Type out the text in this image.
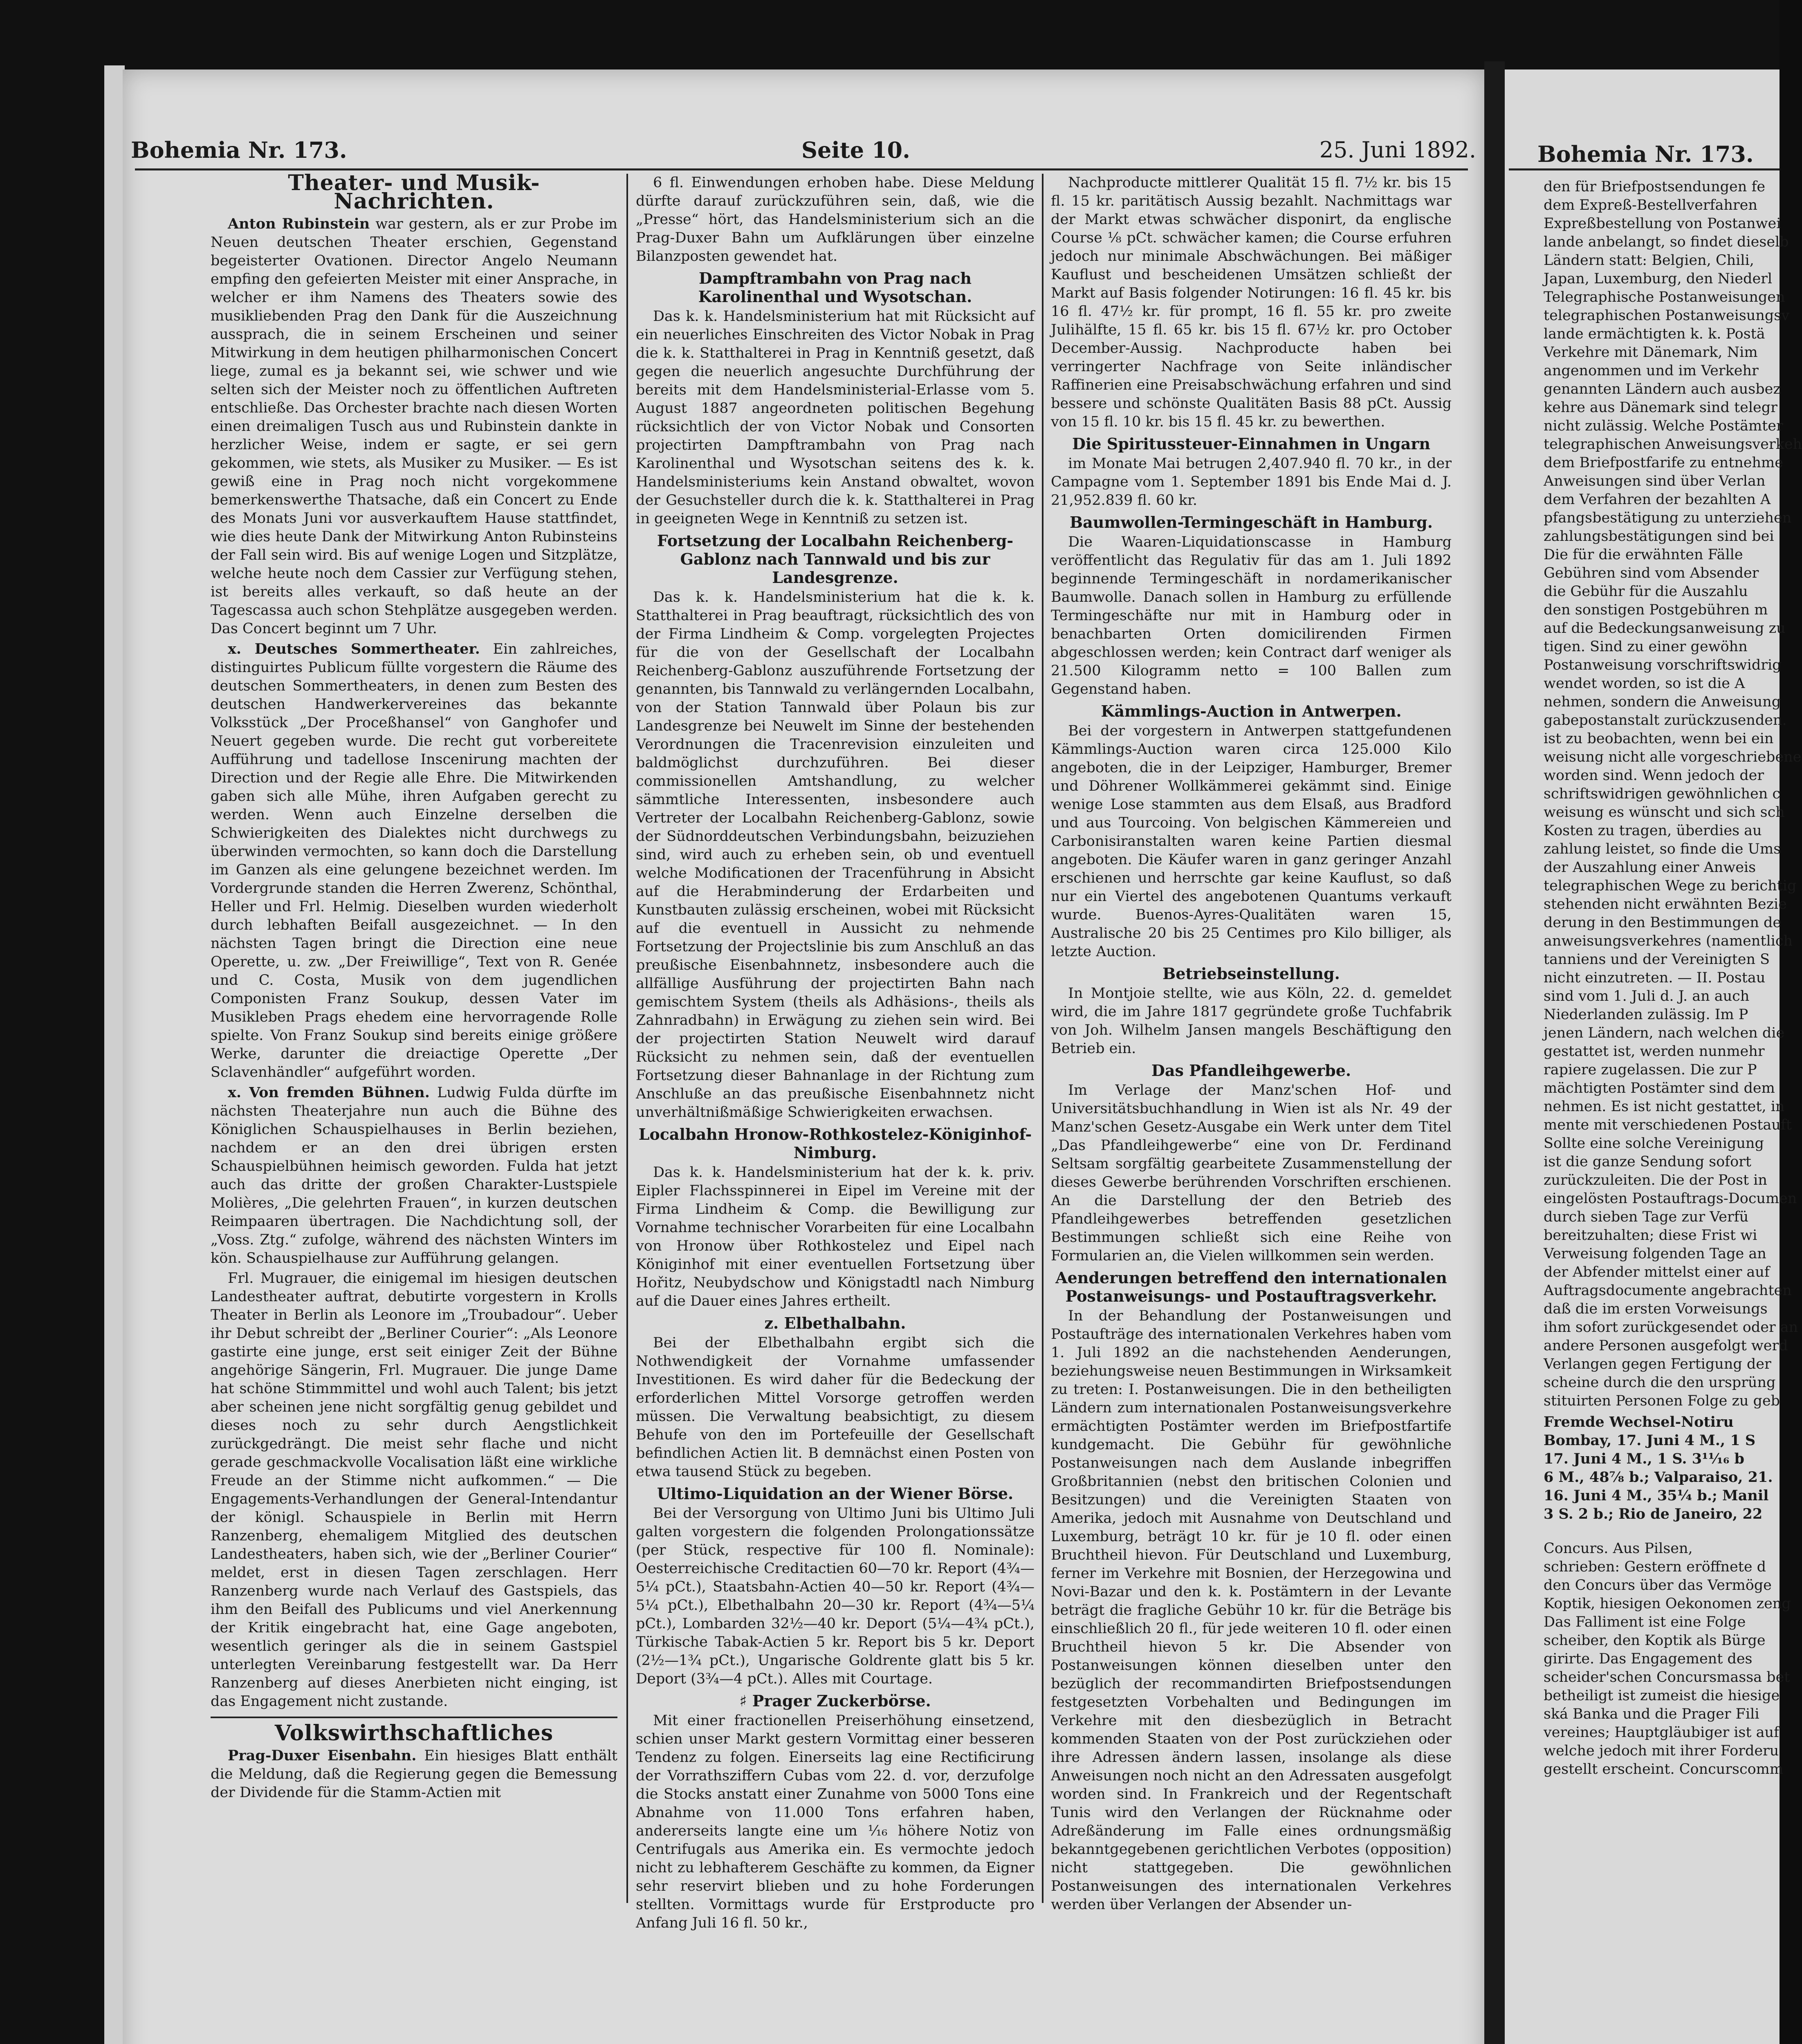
Bohemia Nr. 173.	Seite 10.	25. Juni 1892.
Theater- und Musik-Nachrichten.

Anton Rubinstein war gestern, als er zur Probe im Neuen deutschen Theater erschien, Gegenstand begeisterter Ovationen. Director Angelo Neumann empfing den gefeierten Meister mit einer Ansprache, in welcher er ihm Namens des Theaters sowie des musikliebenden Prag den Dank für die Auszeichnung aussprach, die in seinem Erscheinen und seiner Mitwirkung in dem heutigen philharmonischen Concert liege, zumal es ja bekannt sei, wie schwer und wie selten sich der Meister noch zu öffentlichen Auftreten entschließe. Das Orchester brachte nach diesen Worten einen dreimaligen Tusch aus und Rubinstein dankte in herzlicher Weise, indem er sagte, er sei gern gekommen, wie stets, als Musiker zu Musiker. — Es ist gewiß eine in Prag noch nicht vorgekommene bemerkenswerthe Thatsache, daß ein Concert zu Ende des Monats Juni vor ausverkauftem Hause stattfindet, wie dies heute Dank der Mitwirkung Anton Rubinsteins der Fall sein wird. Bis auf wenige Logen und Sitzplätze, welche heute noch dem Cassier zur Verfügung stehen, ist bereits alles verkauft, so daß heute an der Tagescassa auch schon Stehplätze ausgegeben werden. Das Concert beginnt um 7 Uhr.

x. Deutsches Sommertheater. Ein zahlreiches, distinguirtes Publicum füllte vorgestern die Räume des deutschen Sommertheaters, in denen zum Besten des deutschen Handwerkervereines das bekannte Volksstück „Der Proceßhansel“ von Ganghofer und Neuert gegeben wurde. Die recht gut vorbereitete Aufführung und tadellose Inscenirung machten der Direction und der Regie alle Ehre. Die Mitwirkenden gaben sich alle Mühe, ihren Aufgaben gerecht zu werden. Wenn auch Einzelne derselben die Schwierigkeiten des Dialektes nicht durchwegs zu überwinden vermochten, so kann doch die Darstellung im Ganzen als eine gelungene bezeichnet werden. Im Vordergrunde standen die Herren Zwerenz, Schönthal, Heller und Frl. Helmig. Dieselben wurden wiederholt durch lebhaften Beifall ausgezeichnet. — In den nächsten Tagen bringt die Direction eine neue Operette, u. zw. „Der Freiwillige“, Text von R. Genée und C. Costa, Musik von dem jugendlichen Componisten Franz Soukup, dessen Vater im Musikleben Prags ehedem eine hervorragende Rolle spielte. Von Franz Soukup sind bereits einige größere Werke, darunter die dreiactige Operette „Der Sclavenhändler“ aufgeführt worden.

x. Von fremden Bühnen. Ludwig Fulda dürfte im nächsten Theaterjahre nun auch die Bühne des Königlichen Schauspielhauses in Berlin beziehen, nachdem er an den drei übrigen ersten Schauspielbühnen heimisch geworden. Fulda hat jetzt auch das dritte der großen Charakter-Lustspiele Molières, „Die gelehrten Frauen“, in kurzen deutschen Reimpaaren übertragen. Die Nachdichtung soll, der „Voss. Ztg.“ zufolge, während des nächsten Winters im kön. Schauspielhause zur Aufführung gelangen.

Frl. Mugrauer, die einigemal im hiesigen deutschen Landestheater auftrat, debutirte vorgestern in Krolls Theater in Berlin als Leonore im „Troubadour“. Ueber ihr Debut schreibt der „Berliner Courier“: „Als Leonore gastirte eine junge, erst seit einiger Zeit der Bühne angehörige Sängerin, Frl. Mugrauer. Die junge Dame hat schöne Stimmmittel und wohl auch Talent; bis jetzt aber scheinen jene nicht sorgfältig genug gebildet und dieses noch zu sehr durch Aengstlichkeit zurückgedrängt. Die meist sehr flache und nicht gerade geschmackvolle Vocalisation läßt eine wirkliche Freude an der Stimme nicht aufkommen.“ — Die Engagements-Verhandlungen der General-Intendantur der königl. Schauspiele in Berlin mit Herrn Ranzenberg, ehemaligem Mitglied des deutschen Landestheaters, haben sich, wie der „Berliner Courier“ meldet, erst in diesen Tagen zerschlagen. Herr Ranzenberg wurde nach Verlauf des Gastspiels, das ihm den Beifall des Publicums und viel Anerkennung der Kritik eingebracht hat, eine Gage angeboten, wesentlich geringer als die in seinem Gastspiel unterlegten Vereinbarung festgestellt war. Da Herr Ranzenberg auf dieses Anerbieten nicht einging, ist das Engagement nicht zustande.

Volkswirthschaftliches

Prag-Duxer Eisenbahn. Ein hiesiges Blatt enthält die Meldung, daß die Regierung gegen die Bemessung der Dividende für die Stamm-Actien mit

6 fl. Einwendungen erhoben habe. Diese Meldung dürfte darauf zurückzuführen sein, daß, wie die „Presse“ hört, das Handelsministerium sich an die Prag-Duxer Bahn um Aufklärungen über einzelne Bilanzposten gewendet hat.

Dampftrambahn von Prag nach Karolinenthal und Wysotschan.

Das k. k. Handelsministerium hat mit Rücksicht auf ein neuerliches Einschreiten des Victor Nobak in Prag die k. k. Statthalterei in Prag in Kenntniß gesetzt, daß gegen die neuerlich angesuchte Durchführung der bereits mit dem Handelsministerial-Erlasse vom 5. August 1887 angeordneten politischen Begehung rücksichtlich der von Victor Nobak und Consorten projectirten Dampftrambahn von Prag nach Karolinenthal und Wysotschan seitens des k. k. Handelsministeriums kein Anstand obwaltet, wovon der Gesuchsteller durch die k. k. Statthalterei in Prag in geeigneten Wege in Kenntniß zu setzen ist.

Fortsetzung der Localbahn Reichenberg-Gablonz nach Tannwald und bis zur Landesgrenze.

Das k. k. Handelsministerium hat die k. k. Statthalterei in Prag beauftragt, rücksichtlich des von der Firma Lindheim & Comp. vorgelegten Projectes für die von der Gesellschaft der Localbahn Reichenberg-Gablonz auszuführende Fortsetzung der genannten, bis Tannwald zu verlängernden Localbahn, von der Station Tannwald über Polaun bis zur Landesgrenze bei Neuwelt im Sinne der bestehenden Verordnungen die Tracenrevision einzuleiten und baldmöglichst durchzuführen. Bei dieser commissionellen Amtshandlung, zu welcher sämmtliche Interessenten, insbesondere auch Vertreter der Localbahn Reichenberg-Gablonz, sowie der Südnorddeutschen Verbindungsbahn, beizuziehen sind, wird auch zu erheben sein, ob und eventuell welche Modificationen der Tracenführung in Absicht auf die Herabminderung der Erdarbeiten und Kunstbauten zulässig erscheinen, wobei mit Rücksicht auf die eventuell in Aussicht zu nehmende Fortsetzung der Projectslinie bis zum Anschluß an das preußische Eisenbahnnetz, insbesondere auch die allfällige Ausführung der projectirten Bahn nach gemischtem System (theils als Adhäsions-, theils als Zahnradbahn) in Erwägung zu ziehen sein wird. Bei der projectirten Station Neuwelt wird darauf Rücksicht zu nehmen sein, daß der eventuellen Fortsetzung dieser Bahnanlage in der Richtung zum Anschluße an das preußische Eisenbahnnetz nicht unverhältnißmäßige Schwierigkeiten erwachsen.

Localbahn Hronow-Rothkostelez-Königinhof-Nimburg.

Das k. k. Handelsministerium hat der k. k. priv. Eipler Flachsspinnerei in Eipel im Vereine mit der Firma Lindheim & Comp. die Bewilligung zur Vornahme technischer Vorarbeiten für eine Localbahn von Hronow über Rothkostelez und Eipel nach Königinhof mit einer eventuellen Fortsetzung über Hořitz, Neubydschow und Königstadtl nach Nimburg auf die Dauer eines Jahres ertheilt.

z. Elbethalbahn.

Bei der Elbethalbahn ergibt sich die Nothwendigkeit der Vornahme umfassender Investitionen. Es wird daher für die Bedeckung der erforderlichen Mittel Vorsorge getroffen werden müssen. Die Verwaltung beabsichtigt, zu diesem Behufe von den im Portefeuille der Gesellschaft befindlichen Actien lit. B demnächst einen Posten von etwa tausend Stück zu begeben.

Ultimo-Liquidation an der Wiener Börse.

Bei der Versorgung von Ultimo Juni bis Ultimo Juli galten vorgestern die folgenden Prolongationssätze (per Stück, respective für 100 fl. Nominale): Oesterreichische Creditactien 60—70 kr. Report (4¾—5¼ pCt.), Staatsbahn-Actien 40—50 kr. Report (4¾—5¼ pCt.), Elbethalbahn 20—30 kr. Report (4¾—5¼ pCt.), Lombarden 32½—40 kr. Deport (5¼—4¾ pCt.), Türkische Tabak-Actien 5 kr. Report bis 5 kr. Deport (2½—1¾ pCt.), Ungarische Goldrente glatt bis 5 kr. Deport (3¾—4 pCt.). Alles mit Courtage.

♯ Prager Zuckerbörse.

Mit einer fractionellen Preiserhöhung einsetzend, schien unser Markt gestern Vormittag einer besseren Tendenz zu folgen. Einerseits lag eine Rectificirung der Vorrathsziffern Cubas vom 22. d. vor, derzufolge die Stocks anstatt einer Zunahme von 5000 Tons eine Abnahme von 11.000 Tons erfahren haben, andererseits langte eine um ¹⁄₁₆ höhere Notiz von Centrifugals aus Amerika ein. Es vermochte jedoch nicht zu lebhafterem Geschäfte zu kommen, da Eigner sehr reservirt blieben und zu hohe Forderungen stellten. Vormittags wurde für Erstproducte pro Anfang Juli 16 fl. 50 kr.,

Nachproducte mittlerer Qualität 15 fl. 7½ kr. bis 15 fl. 15 kr. paritätisch Aussig bezahlt. Nachmittags war der Markt etwas schwächer disponirt, da englische Course ⅛ pCt. schwächer kamen; die Course erfuhren jedoch nur minimale Abschwächungen. Bei mäßiger Kauflust und bescheidenen Umsätzen schließt der Markt auf Basis folgender Notirungen: 16 fl. 45 kr. bis 16 fl. 47½ kr. für prompt, 16 fl. 55 kr. pro zweite Julihälfte, 15 fl. 65 kr. bis 15 fl. 67½ kr. pro October December-Aussig. Nachproducte haben bei verringerter Nachfrage von Seite inländischer Raffinerien eine Preisabschwächung erfahren und sind bessere und schönste Qualitäten Basis 88 pCt. Aussig von 15 fl. 10 kr. bis 15 fl. 45 kr. zu bewerthen.

Die Spiritussteuer-Einnahmen in Ungarn

im Monate Mai betrugen 2,407.940 fl. 70 kr., in der Campagne vom 1. September 1891 bis Ende Mai d. J. 21,952.839 fl. 60 kr.

Baumwollen-Termingeschäft in Hamburg.

Die Waaren-Liquidationscasse in Hamburg veröffentlicht das Regulativ für das am 1. Juli 1892 beginnende Termingeschäft in nordamerikanischer Baumwolle. Danach sollen in Hamburg zu erfüllende Termingeschäfte nur mit in Hamburg oder in benachbarten Orten domicilirenden Firmen abgeschlossen werden; kein Contract darf weniger als 21.500 Kilogramm netto = 100 Ballen zum Gegenstand haben.

Kämmlings-Auction in Antwerpen.

Bei der vorgestern in Antwerpen stattgefundenen Kämmlings-Auction waren circa 125.000 Kilo angeboten, die in der Leipziger, Hamburger, Bremer und Döhrener Wollkämmerei gekämmt sind. Einige wenige Lose stammten aus dem Elsaß, aus Bradford und aus Tourcoing. Von belgischen Kämmereien und Carbonisiranstalten waren keine Partien diesmal angeboten. Die Käufer waren in ganz geringer Anzahl erschienen und herrschte gar keine Kauflust, so daß nur ein Viertel des angebotenen Quantums verkauft wurde. Buenos-Ayres-Qualitäten waren 15, Australische 20 bis 25 Centimes pro Kilo billiger, als letzte Auction.

Betriebseinstellung.

In Montjoie stellte, wie aus Köln, 22. d. gemeldet wird, die im Jahre 1817 gegründete große Tuchfabrik von Joh. Wilhelm Jansen mangels Beschäftigung den Betrieb ein.

Das Pfandleihgewerbe.

Im Verlage der Manz'schen Hof- und Universitätsbuchhandlung in Wien ist als Nr. 49 der Manz'schen Gesetz-Ausgabe ein Werk unter dem Titel „Das Pfandleihgewerbe“ eine von Dr. Ferdinand Seltsam sorgfältig gearbeitete Zusammenstellung der dieses Gewerbe berührenden Vorschriften erschienen. An die Darstellung der den Betrieb des Pfandleihgewerbes betreffenden gesetzlichen Bestimmungen schließt sich eine Reihe von Formularien an, die Vielen willkommen sein werden.

Aenderungen betreffend den internationalen Postanweisungs- und Postauftragsverkehr.

In der Behandlung der Postanweisungen und Postaufträge des internationalen Verkehres haben vom 1. Juli 1892 an die nachstehenden Aenderungen, beziehungsweise neuen Bestimmungen in Wirksamkeit zu treten: I. Postanweisungen. Die in den betheiligten Ländern zum internationalen Postanweisungsverkehre ermächtigten Postämter werden im Briefpostfartife kundgemacht. Die Gebühr für gewöhnliche Postanweisungen nach dem Auslande inbegriffen Großbritannien (nebst den britischen Colonien und Besitzungen) und die Vereinigten Staaten von Amerika, jedoch mit Ausnahme von Deutschland und Luxemburg, beträgt 10 kr. für je 10 fl. oder einen Bruchtheil hievon. Für Deutschland und Luxemburg, ferner im Verkehre mit Bosnien, der Herzegowina und Novi-Bazar und den k. k. Postämtern in der Levante beträgt die fragliche Gebühr 10 kr. für die Beträge bis einschließlich 20 fl., für jede weiteren 10 fl. oder einen Bruchtheil hievon 5 kr. Die Absender von Postanweisungen können dieselben unter den bezüglich der recommandirten Briefpostsendungen festgesetzten Vorbehalten und Bedingungen im Verkehre mit den diesbezüglich in Betracht kommenden Staaten von der Post zurückziehen oder ihre Adressen ändern lassen, insolange als diese Anweisungen noch nicht an den Adressaten ausgefolgt worden sind. In Frankreich und der Regentschaft Tunis wird den Verlangen der Rücknahme oder Adreßänderung im Falle eines ordnungsmäßig bekanntgegebenen gerichtlichen Verbotes (opposition) nicht stattgegeben. Die gewöhnlichen Postanweisungen des internationalen Verkehres werden über Verlangen der Absender un-

Bohemia Nr. 173.
den für Briefpostsendungen fe
dem Expreß-Bestellverfahren
Expreßbestellung von Postanwei
lande anbelangt, so findet dieselb
Ländern statt: Belgien, Chili,
Japan, Luxemburg, den Niederl
Telegraphische Postanweisungen
telegraphischen Postanweisungsv
lande ermächtigten k. k. Postä
Verkehre mit Dänemark, Nim
angenommen und im Verkehr
genannten Ländern auch ausbez
kehre aus Dänemark sind telegr
nicht zulässig. Welche Postämter
telegraphischen Anweisungsverkeh
dem Briefpostfarife zu entnehme
Anweisungen sind über Verlan
dem Verfahren der bezahlten A
pfangsbestätigung zu unterziehen
zahlungsbestätigungen sind bei
Die für die erwähnten Fälle
Gebühren sind vom Absender
die Gebühr für die Auszahlu
den sonstigen Postgebühren m
auf die Bedeckungsanweisung zu
tigen. Sind zu einer gewöhn
Postanweisung vorschriftswidrig
wendet worden, so ist die A
nehmen, sondern die Anweisung
gabepostanstalt zurückzusenden.
ist zu beobachten, wenn bei ein
weisung nicht alle vorgeschriebene
worden sind. Wenn jedoch der
schriftswidrigen gewöhnlichen c
weisung es wünscht und sich sch
Kosten zu tragen, überdies au
zahlung leistet, so finde die Ums
der Auszahlung einer Anweis
telegraphischen Wege zu berichtig
stehenden nicht erwähnten Bezie
derung in den Bestimmungen de
anweisungsverkehres (namentlich
tanniens und der Vereinigten S
nicht einzutreten. — II. Postau
sind vom 1. Juli d. J. an auch
Niederlanden zulässig. Im P
jenen Ländern, nach welchen die
gestattet ist, werden nunmehr
rapiere zugelassen. Die zur P
mächtigten Postämter sind dem
nehmen. Es ist nicht gestattet, in
mente mit verschiedenen Postauft
Sollte eine solche Vereinigung
ist die ganze Sendung sofort
zurückzuleiten. Die der Post in
eingelösten Postauftrags-Documen
durch sieben Tage zur Verfü
bereitzuhalten; diese Frist wi
Verweisung folgenden Tage an
der Abfender mittelst einer auf
Auftragsdocumente angebrachten
daß die im ersten Vorweisungs
ihm sofort zurückgesendet oder an
andere Personen ausgefolgt werd
Verlangen gegen Fertigung der
scheine durch die den ursprüng
stituirten Personen Folge zu geb
Fremde Wechsel-Notiru
Bombay, 17. Juni 4 M., 1 S
17. Juni 4 M., 1 S. 3¹¹⁄₁₆ b
6 M., 48⅞ b.; Valparaiso, 21.
16. Juni 4 M., 35¼ b.; Manil
3 S. 2 b.; Rio de Janeiro, 22
Concurs. Aus Pilsen,
schrieben: Gestern eröffnete d
den Concurs über das Vermöge
Koptik, hiesigen Oekonomen zeng
Das Falliment ist eine Folge
scheiber, den Koptik als Bürge
girirte. Das Engagement des
scheider'schen Concursmassa bet
betheiligt ist zumeist die hiesige
ská Banka und die Prager Fili
vereines; Hauptgläubiger ist auf
welche jedoch mit ihrer Forderu
gestellt erscheint. Concurscomm
